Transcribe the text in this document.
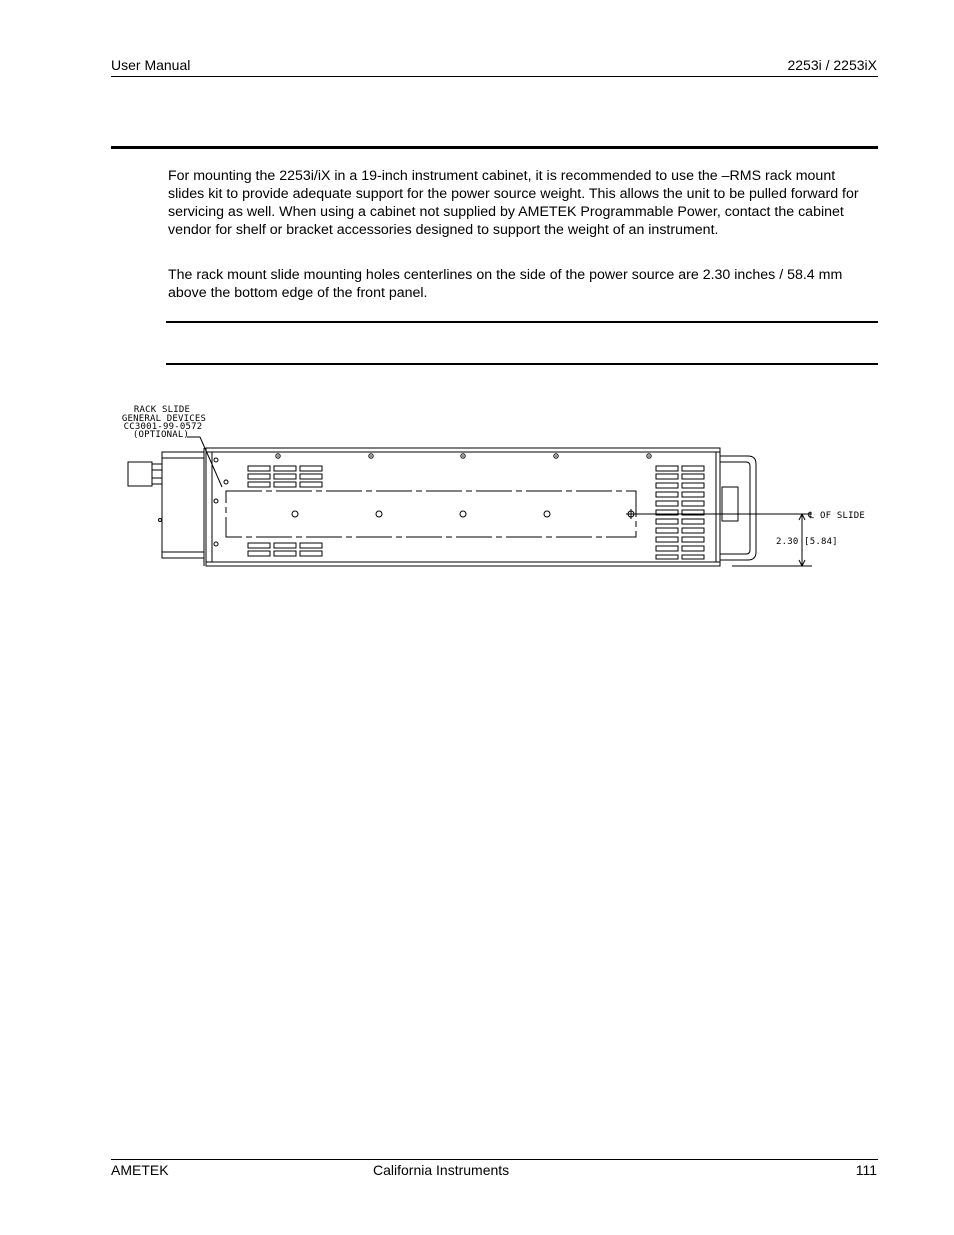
User Manual	2253i / 2253iX

For mounting the 2253i/iX in a 19-inch instrument cabinet, it is recommended to use the –RMS rack mount slides kit to provide adequate support for the power source weight. This allows the unit to be pulled forward for servicing as well. When using a cabinet not supplied by AMETEK Programmable Power, contact the cabinet vendor for shelf or bracket accessories designed to support the weight of an instrument.

The rack mount slide mounting holes centerlines on the side of the power source are 2.30 inches / 58.4 mm above the bottom edge of the front panel.

RACK SLIDE
GENERAL DEVICES
CC3001-99-0572
(OPTIONAL)
℄ OF SLIDE
2.30 [5.84]
AMETEK	California Instruments	111
